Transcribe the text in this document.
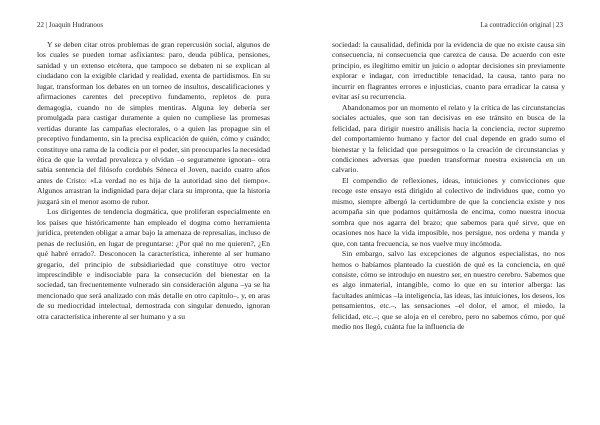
22 | Joaquín Hudranoos

Y se deben citar otros problemas de gran repercusión social, algunos de los cuales se pueden tornar asfixiantes: paro, deuda pública, pensiones, sanidad y un extenso etcétera, que tampoco se debaten ni se explican al ciudadano con la exigible claridad y realidad, exenta de partidismos. En su lugar, transforman los debates en un torneo de insultos, descalificaciones y afirmaciones carentes del preceptivo fundamento, repletos de pura demagogia, cuando no de simples mentiras. Alguna ley debería ser promulgada para castigar duramente a quien no cumpliese las promesas vertidas durante las campañas electorales, o a quien las propague sin el preceptivo fundamento, sin la precisa explicación de quién, cómo y cuándo; constituye una rama de la codicia por el poder, sin preocuparles la necesidad ética de que la verdad prevalezca y olvidan –o seguramente ignoran– otra sabia sentencia del filósofo cordobés Séneca el Joven, nacido cuatro años antes de Cristo: «La verdad no es hija de la autoridad sino del tiempo». Algunos arrastran la indignidad para dejar clara su impronta, que la historia juzgará sin el menor asomo de rubor.

Los dirigentes de tendencia dogmática, que proliferan especialmente en los países que históricamente han empleado el dogma como herramienta jurídica, pretenden obligar a amar bajo la amenaza de represalias, incluso de penas de reclusión, en lugar de preguntarse: ¿Por qué no me quieren?, ¿En qué habré errado?. Desconocen la característica, inherente al ser humano gregario, del principio de subsidiariedad que constituye otro vector imprescindible e indisociable para la consecución del bienestar en la sociedad, tan frecuentemente vulnerado sin consideración alguna –ya se ha mencionado que será analizado con más detalle en otro capítulo–, y, en aras de su mediocridad intelectual, demostrada con singular denuedo, ignoran otra característica inherente al ser humano y a su

La contradicción original | 23

sociedad: la causalidad, definida por la evidencia de que no existe causa sin consecuencia, ni consecuencia que carezca de causa. De acuerdo con este principio, es ilegítimo emitir un juicio o adoptar decisiones sin previamente explorar e indagar, con irreductible tenacidad, la causa, tanto para no incurrir en flagrantes errores e injusticias, cuanto para erradicar la causa y evitar así su recurrencia.

Abandonamos por un momento el relato y la crítica de las circunstancias sociales actuales, que son tan decisivas en ese tránsito en busca de la felicidad, para dirigir nuestro análisis hacia la conciencia, rector supremo del comportamiento humano y factor del cual depende en grado sumo el bienestar y la felicidad que perseguimos o la creación de circunstancias y condiciones adversas que pueden transformar nuestra existencia en un calvario.

El compendio de reflexiones, ideas, intuiciones y convicciones que recoge este ensayo está dirigido al colectivo de individuos que, como yo mismo, siempre albergó la certidumbre de que la conciencia existe y nos acompaña sin que podamos quitárnosla de encima, como nuestra inocua sombra que nos agarra del brazo; que sabemos para qué sirve, que en ocasiones nos hace la vida imposible, nos persigue, nos ordena y manda y que, con tanta frecuencia, se nos vuelve muy incómoda.

Sin embargo, salvo las excepciones de algunos especialistas, no nos hemos o habíamos planteado la cuestión de qué es la conciencia, en qué consiste, cómo se introdujo en nuestro ser, en nuestro cerebro. Sabemos que es algo inmaterial, intangible, como lo que en su interior alberga: las facultades anímicas –la inteligencia, las ideas, las intuiciones, los deseos, los pensamientos, etc.–, las sensaciones –el dolor, el amor, el miedo, la felicidad, etc.–; que se aloja en el cerebro, pero no sabemos cómo, por qué medio nos llegó, cuánta fue la influencia de
